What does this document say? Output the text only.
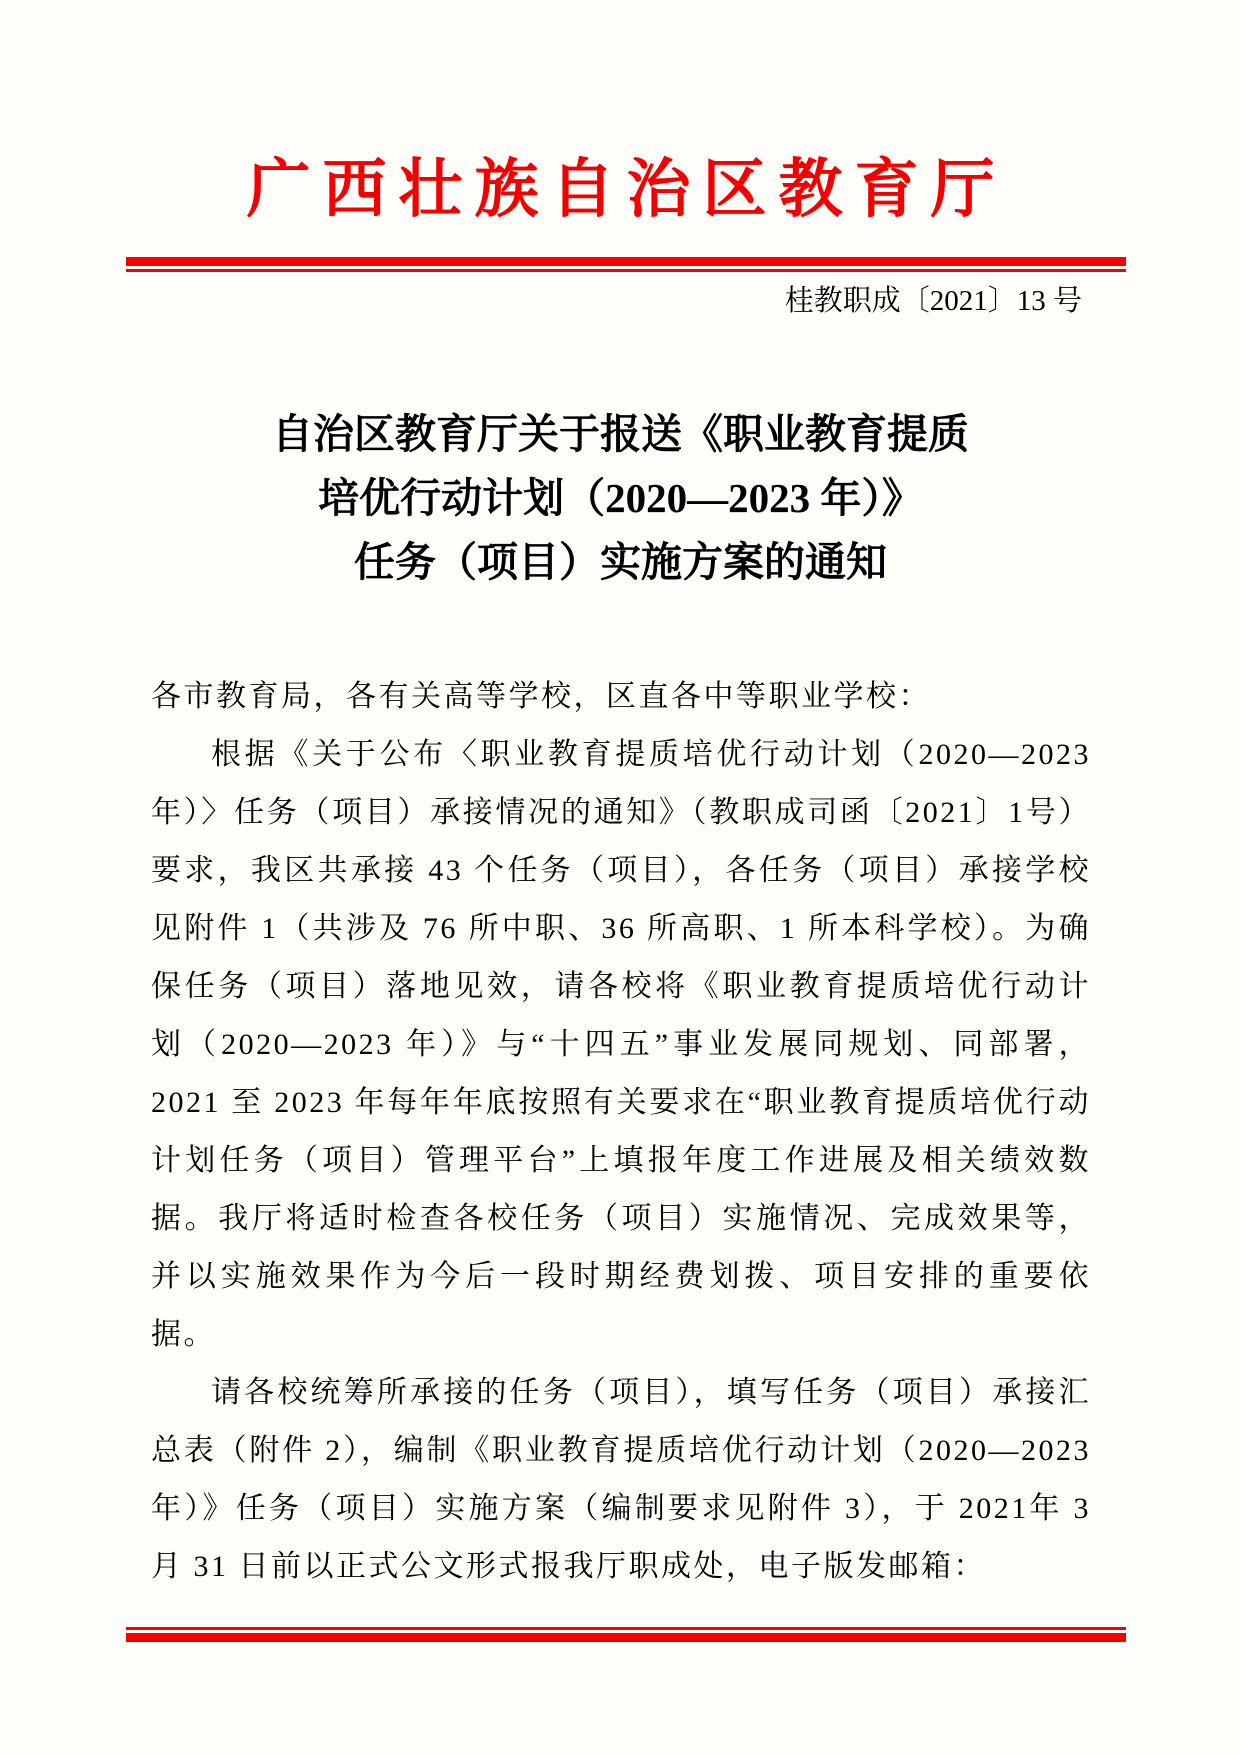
广西壮族自治区教育厅
桂教职成〔2021〕13 号
自治区教育厅关于报送《职业教育提质
培优行动计划（2020—2023 年）》
任务（项目）实施方案的通知

各市教育局，各有关高等学校，区直各中等职业学校：

根据《关于公布〈职业教育提质培优行动计划（2020—2023年）〉任务（项目）承接情况的通知》（教职成司函〔2021〕1号）要求，我区共承接 43 个任务（项目），各任务（项目）承接学校见附件 1（共涉及 76 所中职、36 所高职、1 所本科学校）。为确保任务（项目）落地见效，请各校将《职业教育提质培优行动计划（2020—2023 年）》与“十四五”事业发展同规划、同部署，2021 至 2023 年每年年底按照有关要求在“职业教育提质培优行动计划任务（项目）管理平台”上填报年度工作进展及相关绩效数据。我厅将适时检查各校任务（项目）实施情况、完成效果等，并以实施效果作为今后一段时期经费划拨、项目安排的重要依据。

请各校统筹所承接的任务（项目），填写任务（项目）承接汇总表（附件 2），编制《职业教育提质培优行动计划（2020—2023 年）》任务（项目）实施方案（编制要求见附件 3），于 2021年 3 月 31 日前以正式公文形式报我厅职成处，电子版发邮箱：
